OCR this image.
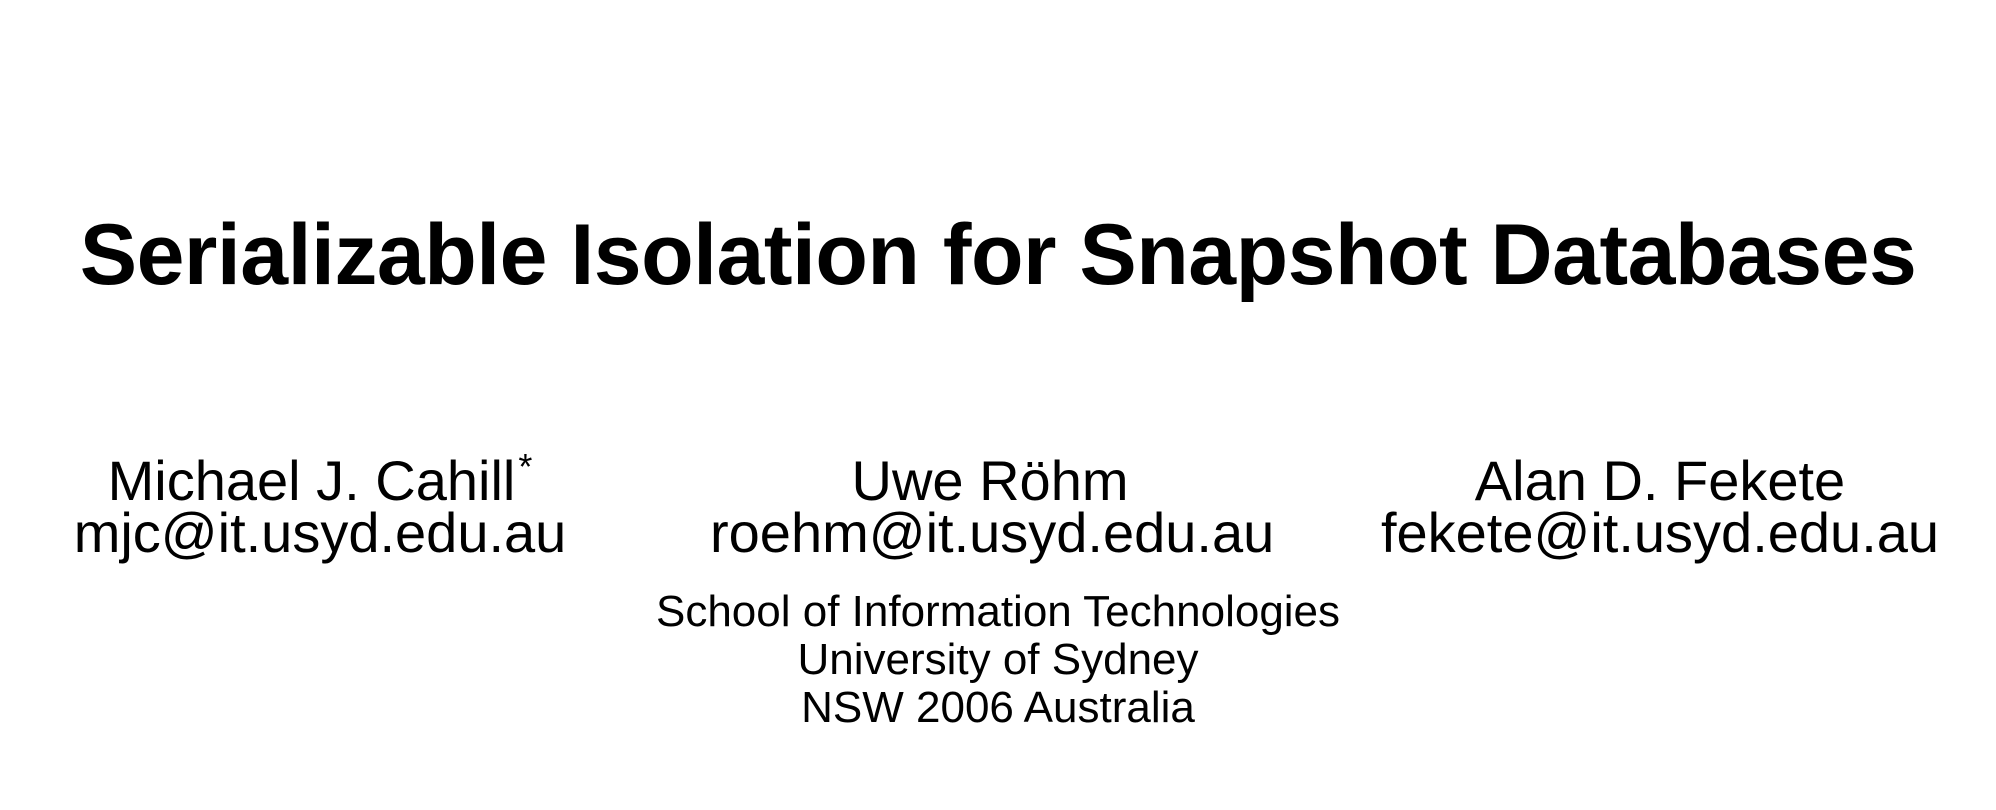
Serializable Isolation for Snapshot Databases
Michael J. Cahill*
mjc@it.usyd.edu.au
Uwe Röhm
roehm@it.usyd.edu.au
Alan D. Fekete
fekete@it.usyd.edu.au
School of Information Technologies
University of Sydney
NSW 2006 Australia
